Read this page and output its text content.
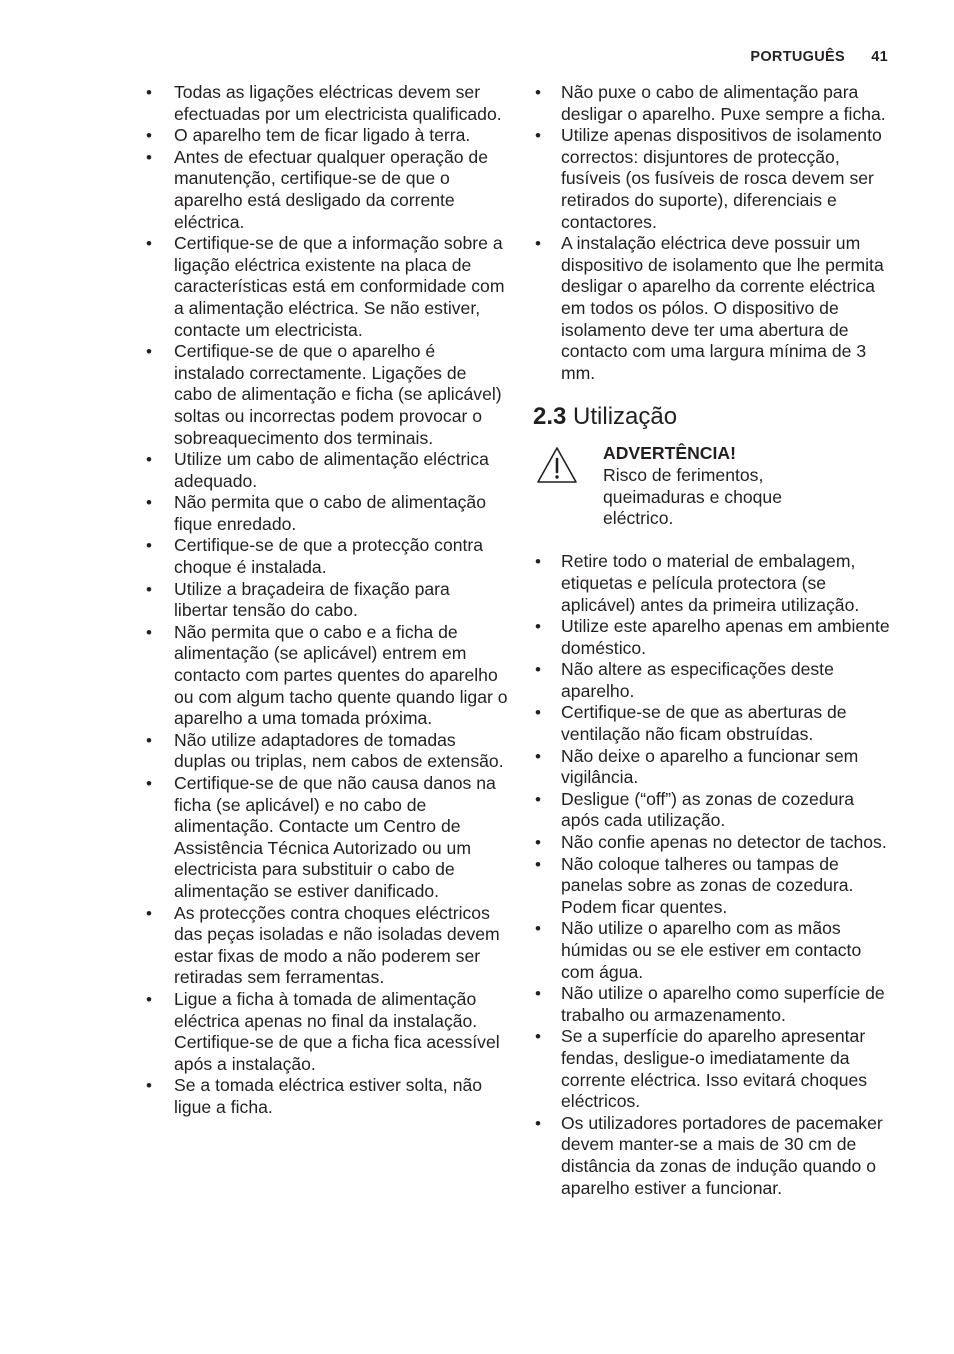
PORTUGUÊS 41
• Todas as ligações eléctricas devem ser efectuadas por um electricista qualificado.
• O aparelho tem de ficar ligado à terra.
• Antes de efectuar qualquer operação de manutenção, certifique-se de que o aparelho está desligado da corrente eléctrica.
• Certifique-se de que a informação sobre a ligação eléctrica existente na placa de características está em conformidade com a alimentação eléctrica. Se não estiver, contacte um electricista.
• Certifique-se de que o aparelho é instalado correctamente. Ligações de cabo de alimentação e ficha (se aplicável) soltas ou incorrectas podem provocar o sobreaquecimento dos terminais.
• Utilize um cabo de alimentação eléctrica adequado.
• Não permita que o cabo de alimentação fique enredado.
• Certifique-se de que a protecção contra choque é instalada.
• Utilize a braçadeira de fixação para libertar tensão do cabo.
• Não permita que o cabo e a ficha de alimentação (se aplicável) entrem em contacto com partes quentes do aparelho ou com algum tacho quente quando ligar o aparelho a uma tomada próxima.
• Não utilize adaptadores de tomadas duplas ou triplas, nem cabos de extensão.
• Certifique-se de que não causa danos na ficha (se aplicável) e no cabo de alimentação. Contacte um Centro de Assistência Técnica Autorizado ou um electricista para substituir o cabo de alimentação se estiver danificado.
• As protecções contra choques eléctricos das peças isoladas e não isoladas devem estar fixas de modo a não poderem ser retiradas sem ferramentas.
• Ligue a ficha à tomada de alimentação eléctrica apenas no final da instalação. Certifique-se de que a ficha fica acessível após a instalação.
• Se a tomada eléctrica estiver solta, não ligue a ficha.
• Não puxe o cabo de alimentação para desligar o aparelho. Puxe sempre a ficha.
• Utilize apenas dispositivos de isolamento correctos: disjuntores de protecção, fusíveis (os fusíveis de rosca devem ser retirados do suporte), diferenciais e contactores.
• A instalação eléctrica deve possuir um dispositivo de isolamento que lhe permita desligar o aparelho da corrente eléctrica em todos os pólos. O dispositivo de isolamento deve ter uma abertura de contacto com uma largura mínima de 3 mm.
2.3 Utilização
ADVERTÊNCIA!
Risco de ferimentos, queimaduras e choque eléctrico.
• Retire todo o material de embalagem, etiquetas e película protectora (se aplicável) antes da primeira utilização.
• Utilize este aparelho apenas em ambiente doméstico.
• Não altere as especificações deste aparelho.
• Certifique-se de que as aberturas de ventilação não ficam obstruídas.
• Não deixe o aparelho a funcionar sem vigilância.
• Desligue (“off”) as zonas de cozedura após cada utilização.
• Não confie apenas no detector de tachos.
• Não coloque talheres ou tampas de panelas sobre as zonas de cozedura. Podem ficar quentes.
• Não utilize o aparelho com as mãos húmidas ou se ele estiver em contacto com água.
• Não utilize o aparelho como superfície de trabalho ou armazenamento.
• Se a superfície do aparelho apresentar fendas, desligue-o imediatamente da corrente eléctrica. Isso evitará choques eléctricos.
• Os utilizadores portadores de pacemaker devem manter-se a mais de 30 cm de distância da zonas de indução quando o aparelho estiver a funcionar.
